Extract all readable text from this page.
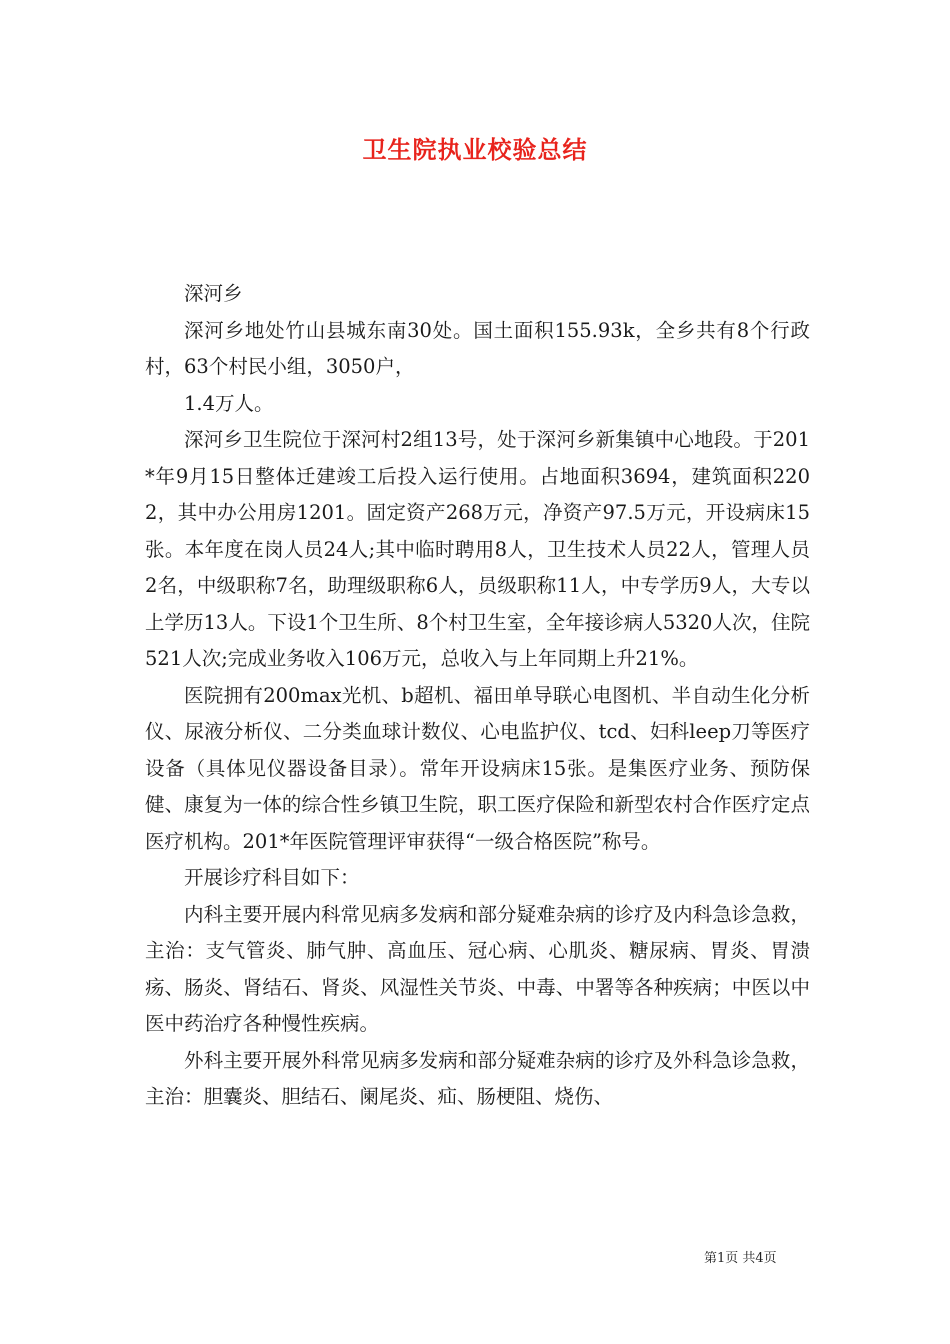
卫生院执业校验总结

深河乡

深河乡地处竹山县城东南30处。国土面积155.93k，全乡共有8个行政村，63个村民小组，3050户，

1.4万人。

深河乡卫生院位于深河村2组13号，处于深河乡新集镇中心地段。于201*年9月15日整体迁建竣工后投入运行使用。占地面积3694，建筑面积2202，其中办公用房1201。固定资产268万元，净资产97.5万元，开设病床15张。本年度在岗人员24人;其中临时聘用8人，卫生技术人员22人，管理人员2名，中级职称7名，助理级职称6人，员级职称11人，中专学历9人，大专以上学历13人。下设1个卫生所、8个村卫生室，全年接诊病人5320人次，住院521人次;完成业务收入106万元，总收入与上年同期上升21%。

医院拥有200max光机、b超机、福田单导联心电图机、半自动生化分析仪、尿液分析仪、二分类血球计数仪、心电监护仪、tcd、妇科leep刀等医疗设备（具体见仪器设备目录）。常年开设病床15张。是集医疗业务、预防保健、康复为一体的综合性乡镇卫生院，职工医疗保险和新型农村合作医疗定点医疗机构。201*年医院管理评审获得“一级合格医院”称号。

开展诊疗科目如下：

内科主要开展内科常见病多发病和部分疑难杂病的诊疗及内科急诊急救，主治：支气管炎、肺气肿、高血压、冠心病、心肌炎、糖尿病、胃炎、胃溃疡、肠炎、肾结石、肾炎、风湿性关节炎、中毒、中署等各种疾病；中医以中医中药治疗各种慢性疾病。

外科主要开展外科常见病多发病和部分疑难杂病的诊疗及外科急诊急救，主治：胆囊炎、胆结石、阑尾炎、疝、肠梗阻、烧伤、

第1页 共4页
